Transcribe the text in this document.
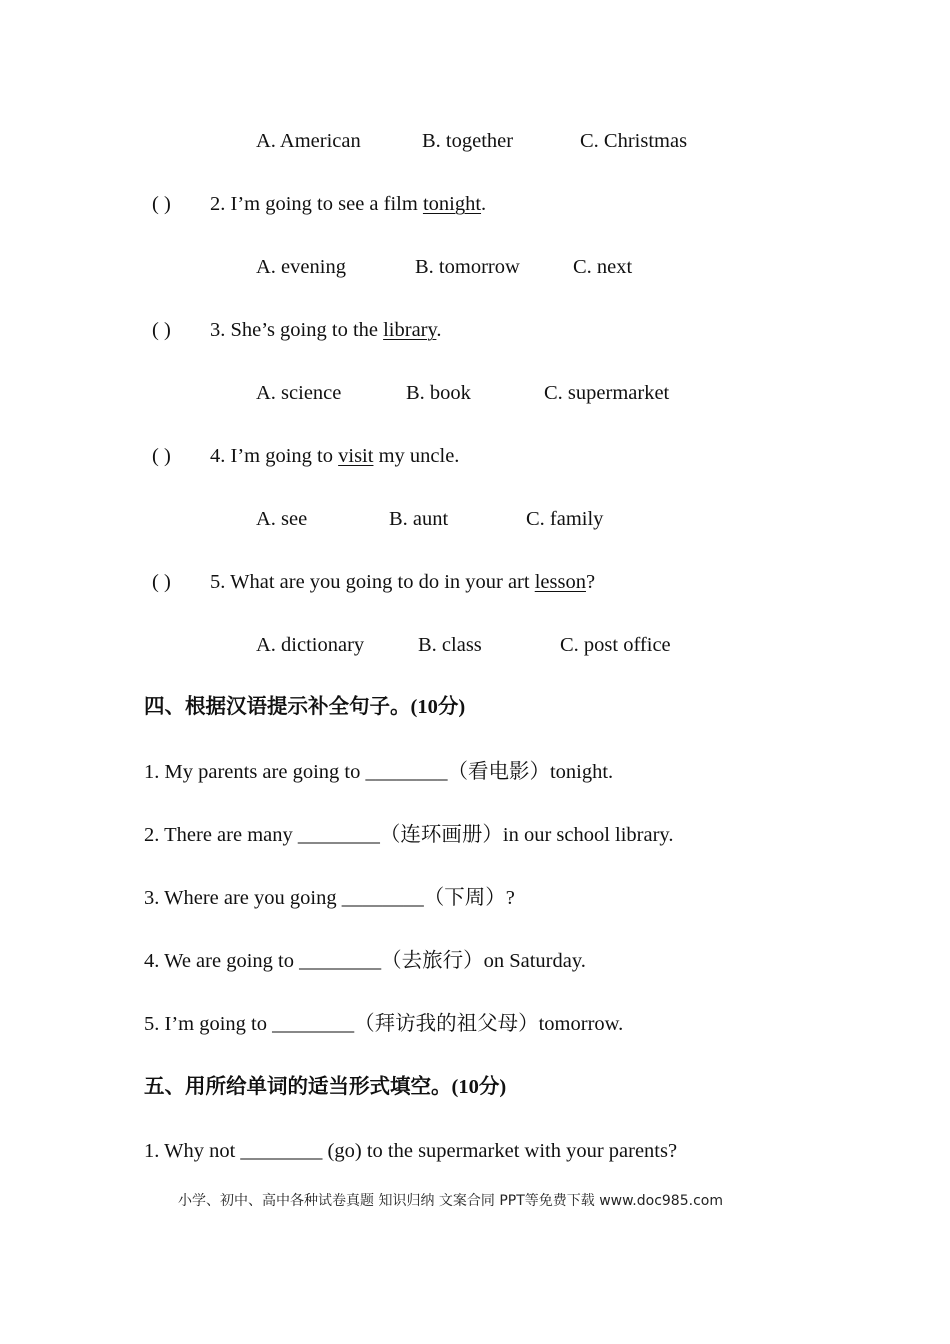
A. American	B. together	C. Christmas
( ) 2. I’m going to see a film tonight.
A. evening	B. tomorrow	C. next
( ) 3. She’s going to the library.
A. science	B. book	C. supermarket
( ) 4. I’m going to visit my uncle.
A. see	B. aunt	C. family
( ) 5. What are you going to do in your art lesson?
A. dictionary	B. class	C. post office
四、根据汉语提示补全句子。(10分)
1. My parents are going to ________（看电影）tonight.
2. There are many ________（连环画册）in our school library.
3. Where are you going ________（下周）?
4. We are going to ________（去旅行）on Saturday.
5. I’m going to ________（拜访我的祖父母）tomorrow.
五、用所给单词的适当形式填空。(10分)
1. Why not ________ (go) to the supermarket with your parents?
小学、初中、高中各种试卷真题 知识归纳 文案合同 PPT等免费下载 www.doc985.com
